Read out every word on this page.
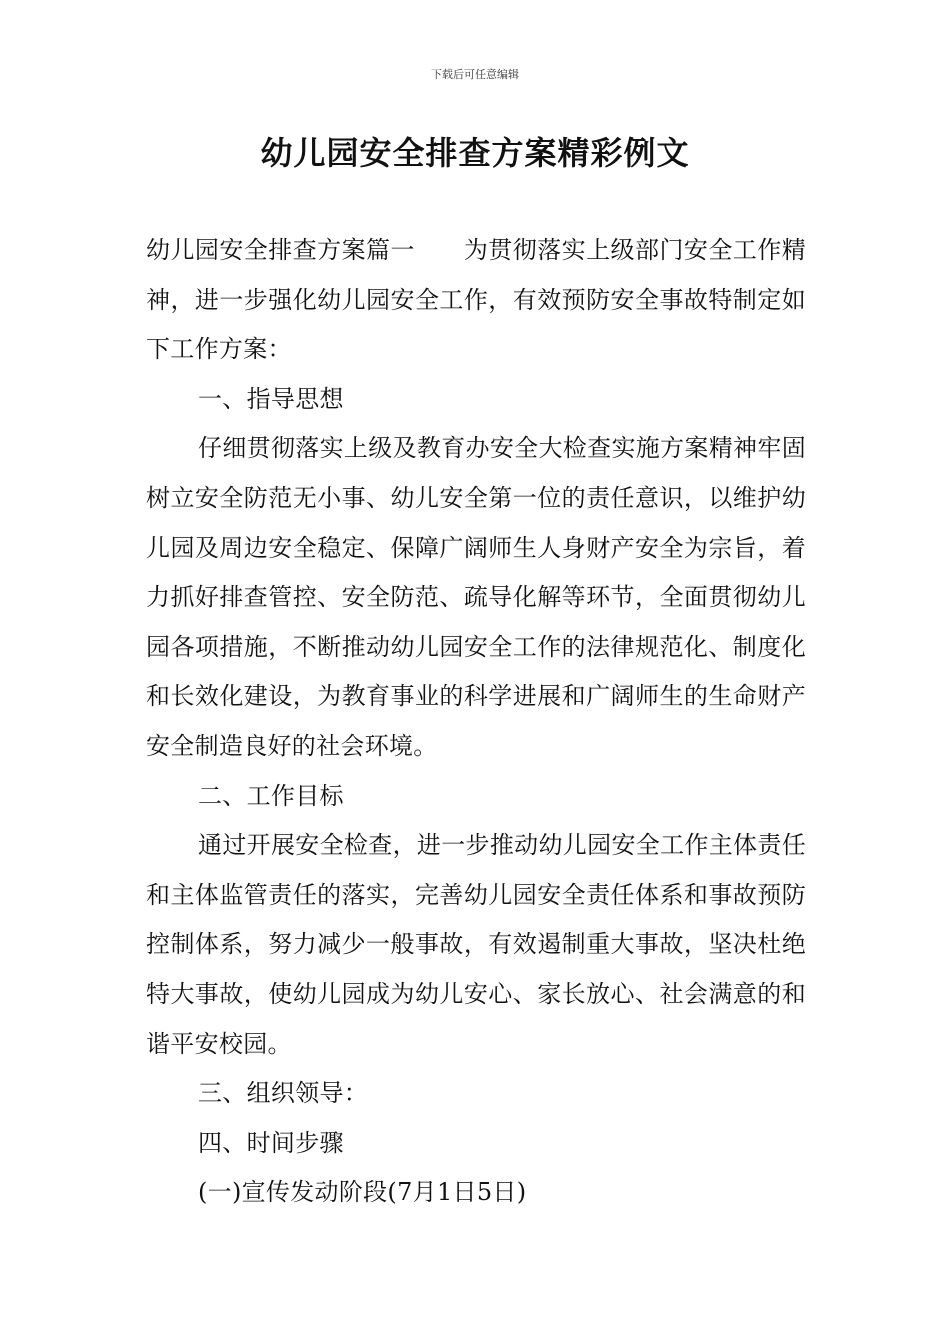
下载后可任意编辑
幼儿园安全排查方案精彩例文

幼儿园安全排查方案篇一　　为贯彻落实上级部门安全工作精神，进一步强化幼儿园安全工作，有效预防安全事故特制定如下工作方案：

一、指导思想

仔细贯彻落实上级及教育办安全大检查实施方案精神牢固树立安全防范无小事、幼儿安全第一位的责任意识，以维护幼儿园及周边安全稳定、保障广阔师生人身财产安全为宗旨，着力抓好排查管控、安全防范、疏导化解等环节，全面贯彻幼儿园各项措施，不断推动幼儿园安全工作的法律规范化、制度化和长效化建设，为教育事业的科学进展和广阔师生的生命财产安全制造良好的社会环境。

二、工作目标

通过开展安全检查，进一步推动幼儿园安全工作主体责任和主体监管责任的落实，完善幼儿园安全责任体系和事故预防控制体系，努力减少一般事故，有效遏制重大事故，坚决杜绝特大事故，使幼儿园成为幼儿安心、家长放心、社会满意的和谐平安校园。

三、组织领导：

四、时间步骤

(一)宣传发动阶段(7月1日5日)
